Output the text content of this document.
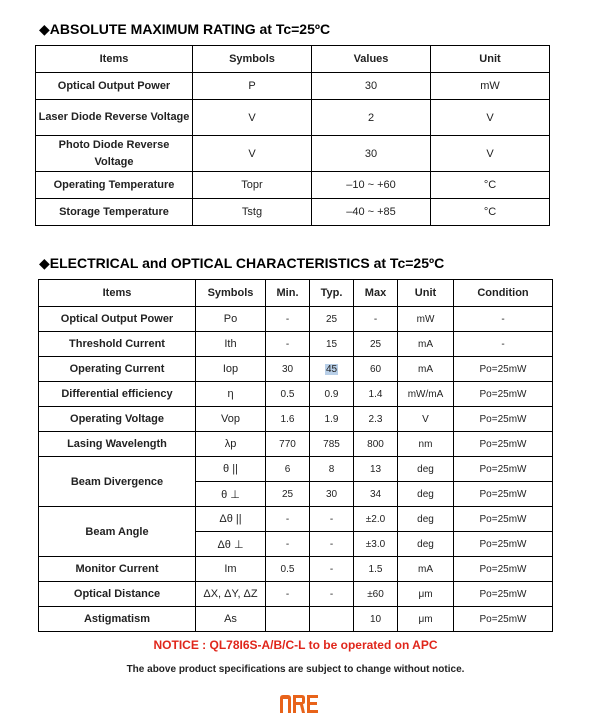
◆ABSOLUTE MAXIMUM RATING at Tc=25ºC
Items	Symbols	Values	Unit
Optical Output Power	P	30	mW
Laser Diode Reverse Voltage	V	2	V
Photo Diode Reverse Voltage	V	30	V
Operating Temperature	Topr	–10 ~ +60	°C
Storage Temperature	Tstg	–40 ~ +85	°C
◆ELECTRICAL and OPTICAL CHARACTERISTICS at Tc=25ºC
Items	Symbols	Min.	Typ.	Max	Unit	Condition
Optical Output Power	Po	-	25	-	mW	-
Threshold Current	Ith	-	15	25	mA	-
Operating Current	Iop	30	45	60	mA	Po=25mW
Differential efficiency	η	0.5	0.9	1.4	mW/mA	Po=25mW
Operating Voltage	Vop	1.6	1.9	2.3	V	Po=25mW
Lasing Wavelength	λp	770	785	800	nm	Po=25mW
Beam Divergence	θ ||	6	8	13	deg	Po=25mW
	θ ⊥	25	30	34	deg	Po=25mW
Beam Angle	Δθ ||	-	-	±2.0	deg	Po=25mW
	Δθ ⊥	-	-	±3.0	deg	Po=25mW
Monitor Current	Im	0.5	-	1.5	mA	Po=25mW
Optical Distance	ΔX, ΔY, ΔZ	-	-	±60	μm	Po=25mW
Astigmatism	As			10	μm	Po=25mW
NOTICE : QL78I6S-A/B/C-L to be operated on APC
The above product specifications are subject to change without notice.
